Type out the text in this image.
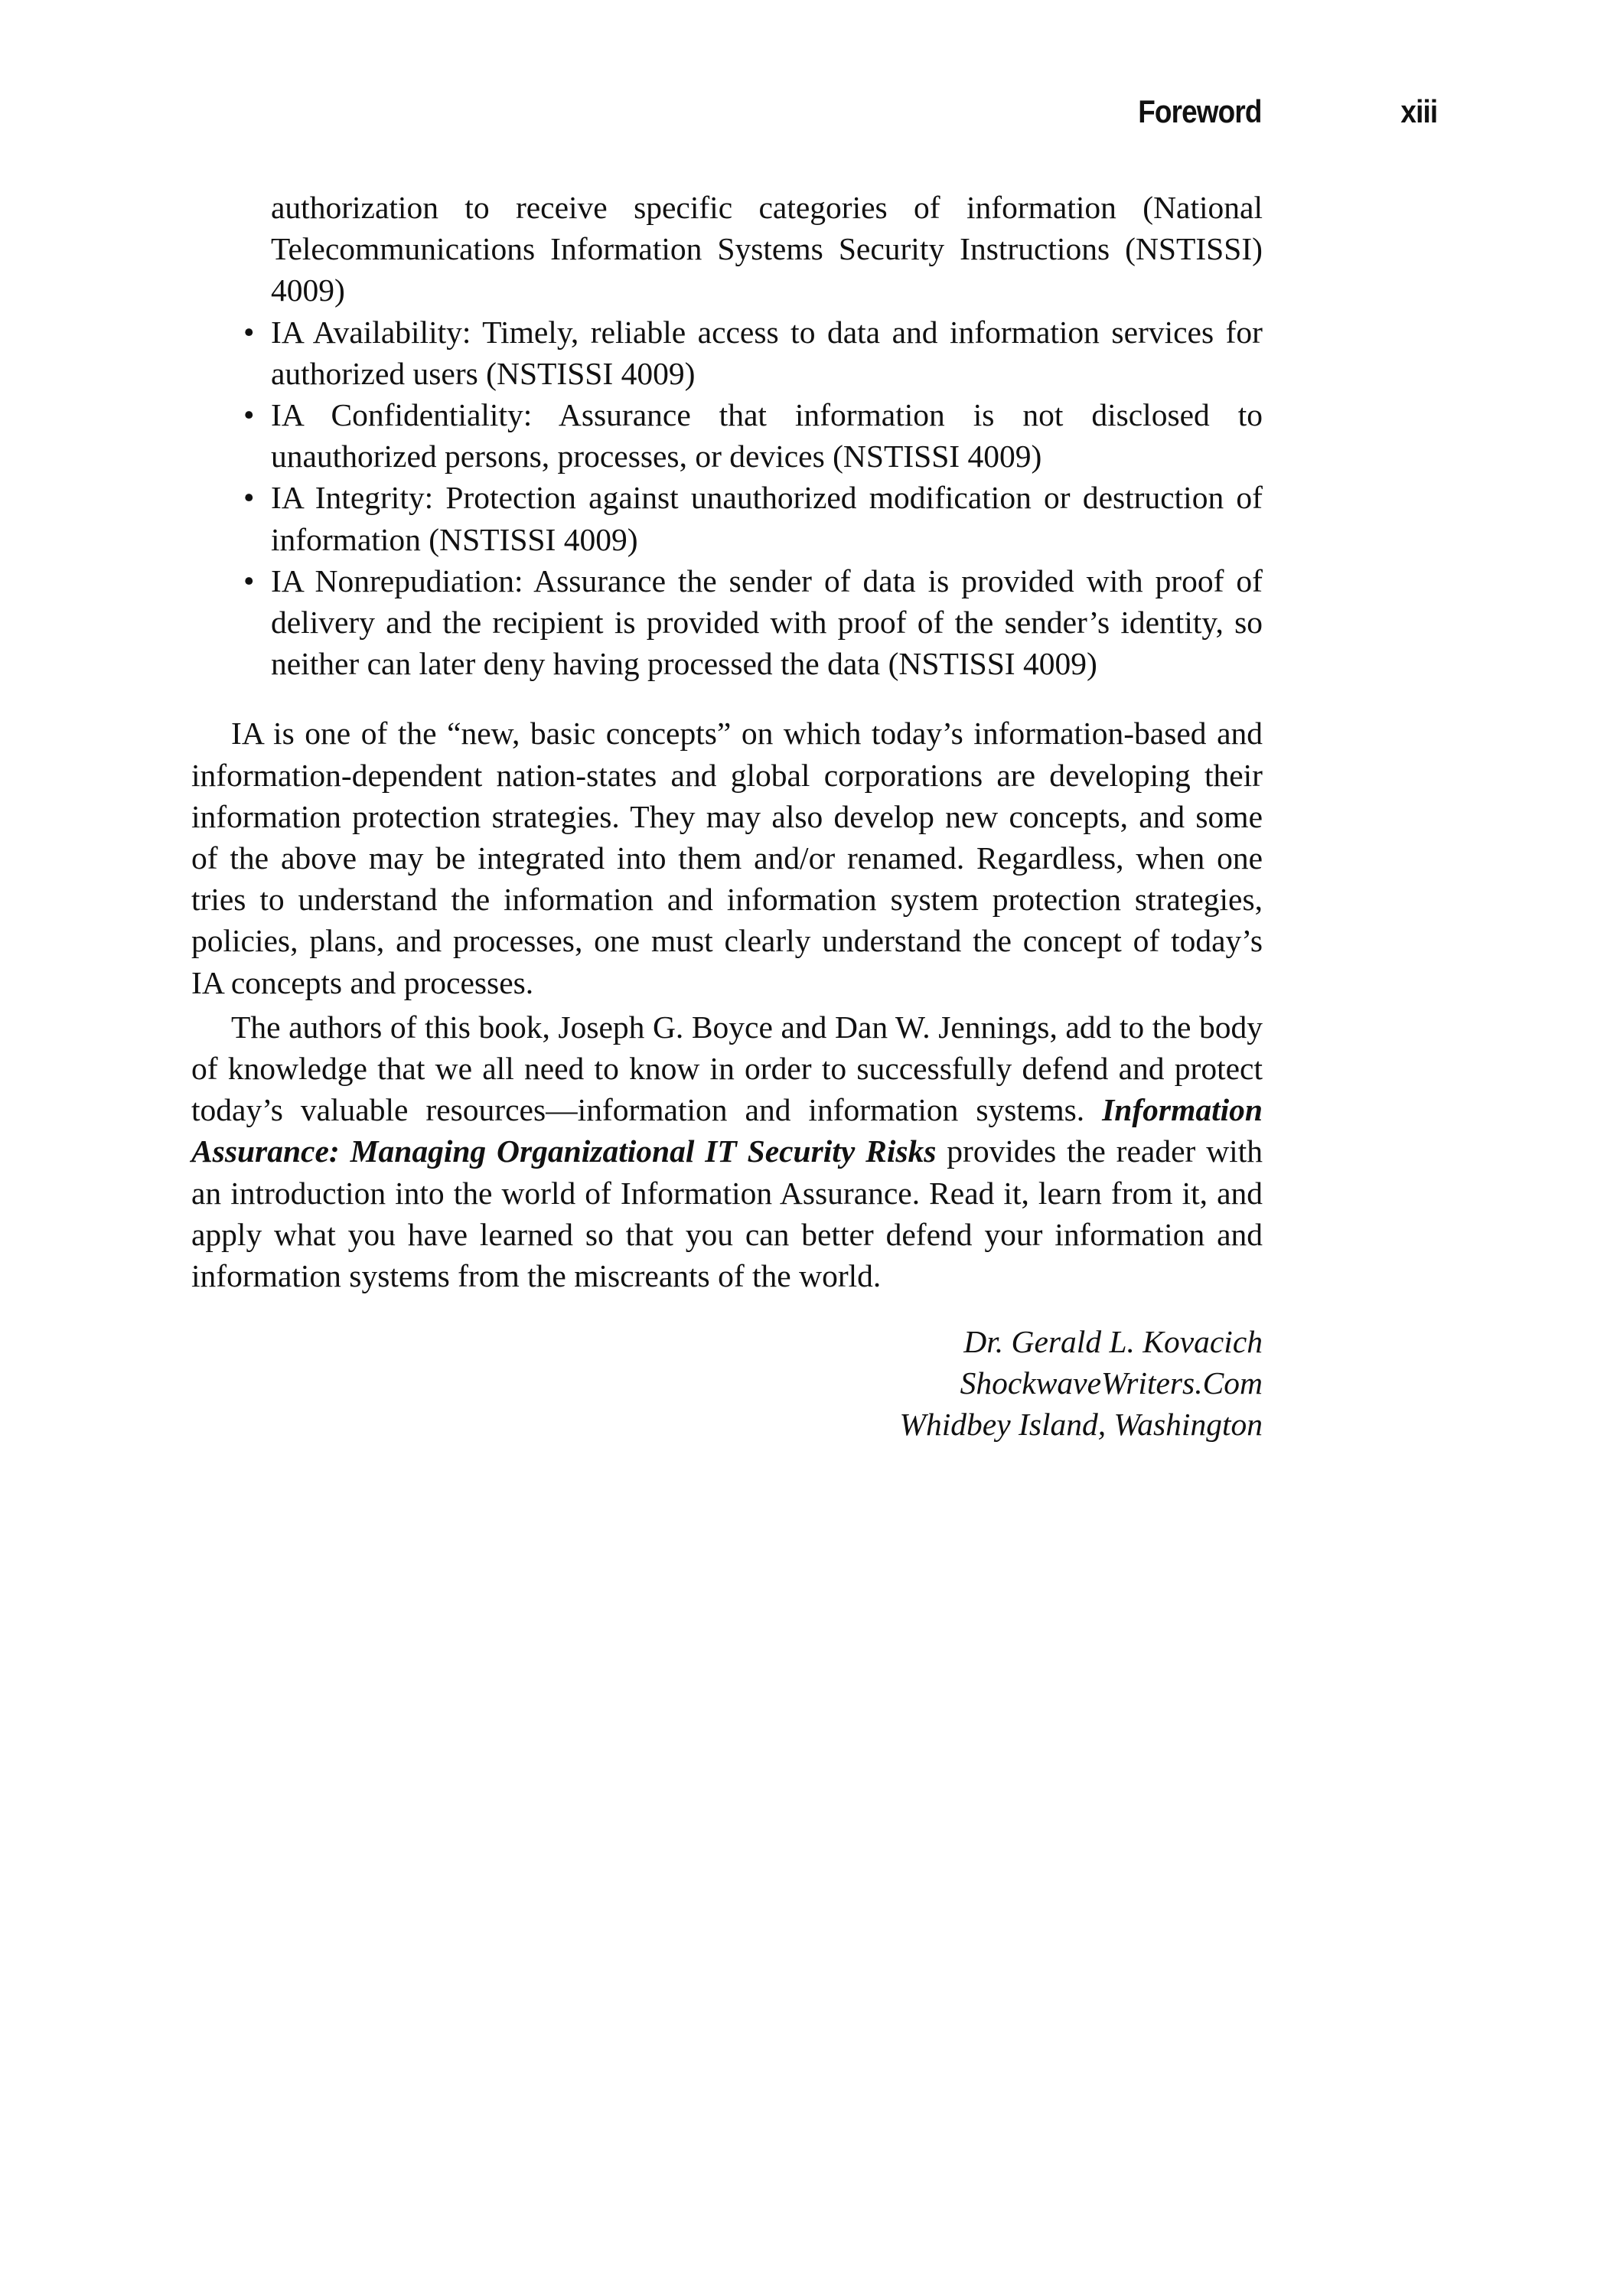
Foreword	xiii

authorization to receive specific categories of information (National Telecommunications Information Systems Security Instructions (NSTISSI) 4009)

• IA Availability: Timely, reliable access to data and information services for authorized users (NSTISSI 4009)
• IA Confidentiality: Assurance that information is not disclosed to unauthorized persons, processes, or devices (NSTISSI 4009)
• IA Integrity: Protection against unauthorized modification or destruction of information (NSTISSI 4009)
• IA Nonrepudiation: Assurance the sender of data is provided with proof of delivery and the recipient is provided with proof of the sender’s identity, so neither can later deny having processed the data (NSTISSI 4009)

IA is one of the “new, basic concepts” on which today’s information-based and information-dependent nation-states and global corporations are developing their information protection strategies. They may also develop new concepts, and some of the above may be integrated into them and/or renamed. Regardless, when one tries to understand the information and information system protection strategies, policies, plans, and processes, one must clearly understand the concept of today’s IA concepts and processes.

The authors of this book, Joseph G. Boyce and Dan W. Jennings, add to the body of knowledge that we all need to know in order to successfully defend and protect today’s valuable resources—information and information systems. Information Assurance: Managing Organizational IT Security Risks provides the reader with an introduction into the world of Information Assurance. Read it, learn from it, and apply what you have learned so that you can better defend your information and information systems from the miscreants of the world.

Dr. Gerald L. Kovacich
ShockwaveWriters.Com
Whidbey Island, Washington
